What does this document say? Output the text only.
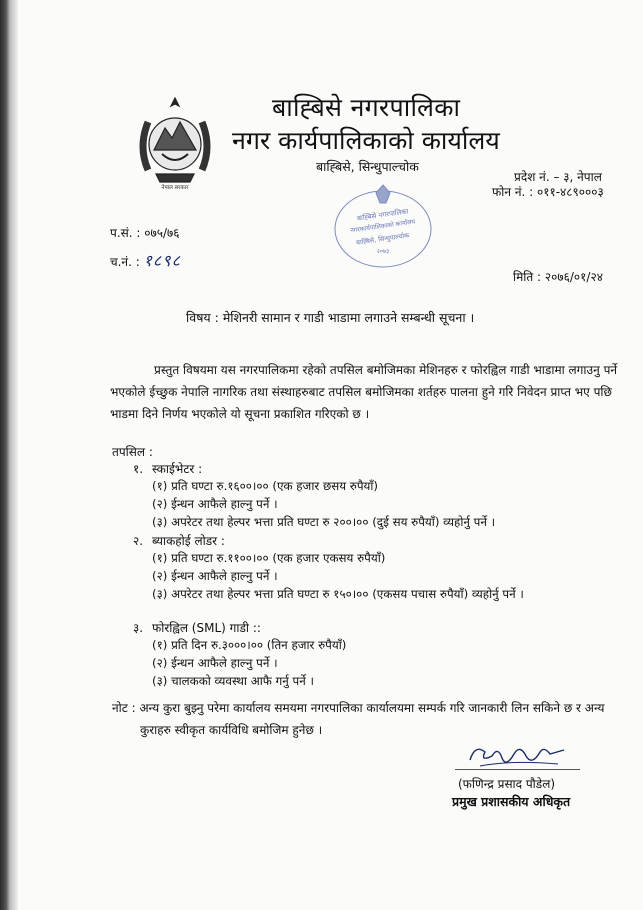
नेपाल सरकार
बाह्बिसे नगरपालिका
नगरकार्यपालिकाको कार्यालय
बाह्बिसे, सिन्धुपाल्चोक
२०७३
बाह्बिसे नगरपालिका
नगर कार्यपालिकाको कार्यालय
बाह्बिसे, सिन्धुपाल्चोक
प्रदेश नं. – ३, नेपाल
फोन नं. : ०११-४८९०००३
प.सं. : ०७५/७६
च.नं. : १८९८
मिति : २०७६/०१/२४
विषय : मेशिनरी सामान र गाडी भाडामा लगाउने सम्बन्धी सूचना ।
प्रस्तुत विषयमा यस नगरपालिकमा रहेको तपसिल बमोजिमका मेशिनहरु र फोरह्विल गाडी भाडामा लगाउनु पर्ने भएकोले ईच्छुक नेपालि नागरिक तथा संस्थाहरुबाट तपसिल बमोजिमका शर्तहरु पालना हुने गरि निवेदन प्राप्त भए पछि भाडमा दिने निर्णय भएकोले यो सूचना प्रकाशित गरिएको छ ।
तपसिल :
१. स्काईभेटर :
(१) प्रति घण्टा रु.१६००।०० (एक हजार छसय रुपैयाँ)
(२) ईन्धन आफैले हाल्नु पर्ने ।
(३) अपरेटर तथा हेल्पर भत्ता प्रति घण्टा रु २००।०० (दुई सय रुपैयाँ) व्यहोर्नु पर्ने ।
२. ब्याकहोई लोडर :
(१) प्रति घण्टा रु.११००।०० (एक हजार एकसय रुपैयाँ)
(२) ईन्धन आफैले हाल्नु पर्ने ।
(३) अपरेटर तथा हेल्पर भत्ता प्रति घण्टा रु १५०।०० (एकसय पचास रुपैयाँ) व्यहोर्नु पर्ने ।
३. फोरह्विल (SML) गाडी ::
(१) प्रति दिन रु.३०००।०० (तिन हजार रुपैयाँ)
(२) ईन्धन आफैले हाल्नु पर्ने ।
(३) चालकको व्यवस्था आफै गर्नु पर्ने ।
नोट : अन्य कुरा बुझ्नु परेमा कार्यालय समयमा नगरपालिका कार्यालयमा सम्पर्क गरि जानकारी लिन सकिने छ र अन्य
कुराहरु स्वीकृत कार्यविधि बमोजिम हुनेछ ।
(फणिन्द्र प्रसाद पौडेल)
प्रमुख प्रशासकीय अधिकृत
